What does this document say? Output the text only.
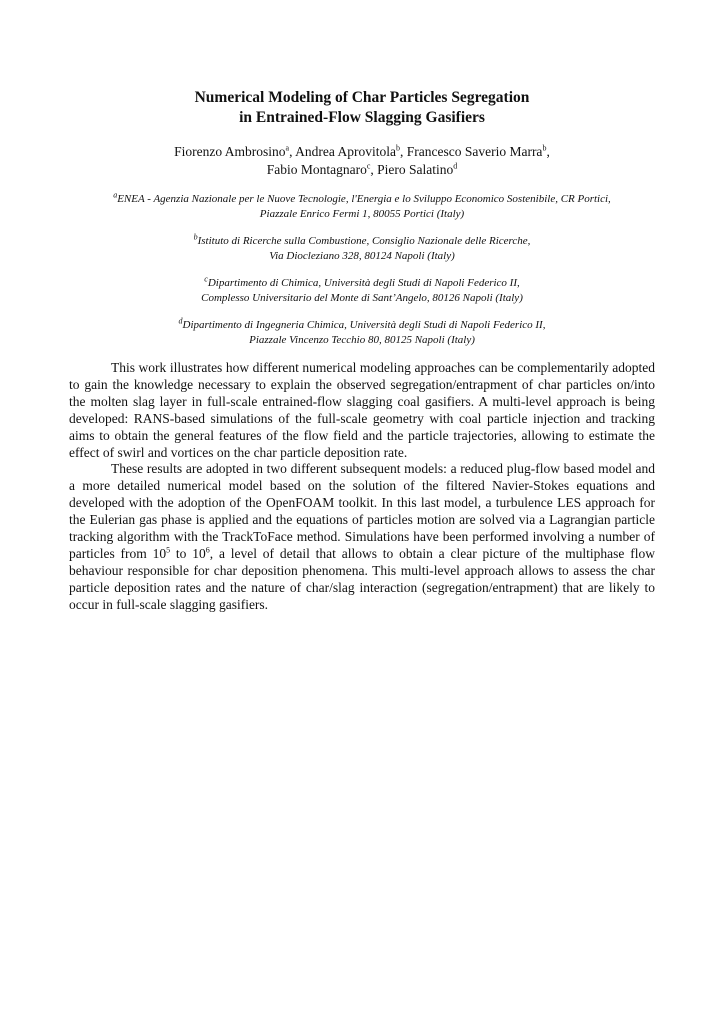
Numerical Modeling of Char Particles Segregation
in Entrained-Flow Slagging Gasifiers
Fiorenzo Ambrosino$^a$, Andrea Aprovitola$^b$, Francesco Saverio Marra$^b$,
Fabio Montagnaro$^c$, Piero Salatino$^d$
$^a$ENEA - Agenzia Nazionale per le Nuove Tecnologie, l'Energia e lo Sviluppo Economico Sostenibile, CR Portici,
Piazzale Enrico Fermi 1, 80055 Portici (Italy)
$^b$Istituto di Ricerche sulla Combustione, Consiglio Nazionale delle Ricerche,
Via Diocleziano 328, 80124 Napoli (Italy)
$^c$Dipartimento di Chimica, Università degli Studi di Napoli Federico II,
Complesso Universitario del Monte di Sant’Angelo, 80126 Napoli (Italy)
$^d$Dipartimento di Ingegneria Chimica, Università degli Studi di Napoli Federico II,
Piazzale Vincenzo Tecchio 80, 80125 Napoli (Italy)

This work illustrates how different numerical modeling approaches can be complementarily adopted to gain the knowledge necessary to explain the observed segregation/entrapment of char particles on/into the molten slag layer in full-scale entrained-flow slagging coal gasifiers. A multi-level approach is being developed: RANS-based simulations of the full-scale geometry with coal particle injection and tracking aims to obtain the general features of the flow field and the particle trajectories, allowing to estimate the effect of swirl and vortices on the char particle deposition rate.

These results are adopted in two different subsequent models: a reduced plug-flow based model and a more detailed numerical model based on the solution of the filtered Navier-Stokes equations and developed with the adoption of the OpenFOAM toolkit. In this last model, a turbulence LES approach for the Eulerian gas phase is applied and the equations of particles motion are solved via a Lagrangian particle tracking algorithm with the TrackToFace method. Simulations have been performed involving a number of particles from $10^5$ to $10^6$, a level of detail that allows to obtain a clear picture of the multiphase flow behaviour responsible for char deposition phenomena. This multi-level approach allows to assess the char particle deposition rates and the nature of char/slag interaction (segregation/entrapment) that are likely to occur in full-scale slagging gasifiers.
